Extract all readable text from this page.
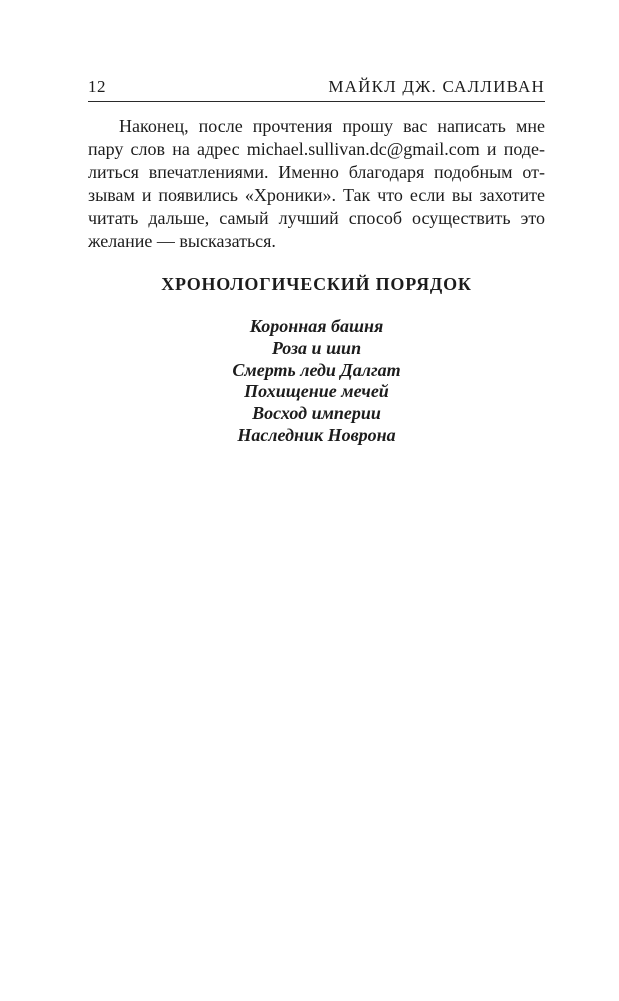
12	МАЙКЛ ДЖ. САЛЛИВАН
Наконец, после прочтения прошу вас написать мне
пару слов на адрес michael.sullivan.dc@gmail.com и поде-
литься впечатлениями. Именно благодаря подобным от-
зывам и появились «Хроники». Так что если вы захотите
читать дальше, самый лучший способ осуществить это
желание — высказаться.
ХРОНОЛОГИЧЕСКИЙ ПОРЯДОК
Коронная башня
Роза и шип
Смерть леди Далгат
Похищение мечей
Восход империи
Наследник Новрона
